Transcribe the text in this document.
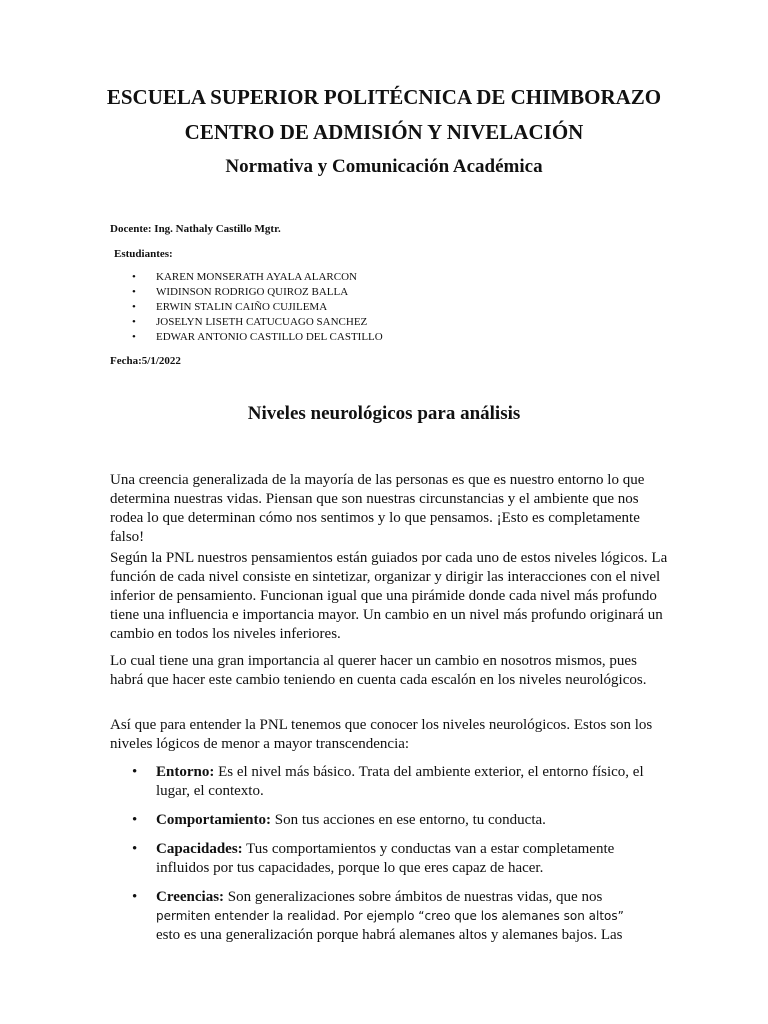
ESCUELA SUPERIOR POLITÉCNICA DE CHIMBORAZO
CENTRO DE ADMISIÓN Y NIVELACIÓN
Normativa y Comunicación Académica
Docente: Ing. Nathaly Castillo Mgtr.
Estudiantes:
• KAREN MONSERATH AYALA ALARCON
• WIDINSON RODRIGO QUIROZ BALLA
• ERWIN STALIN CAIÑO CUJILEMA
• JOSELYN LISETH CATUCUAGO SANCHEZ
• EDWAR ANTONIO CASTILLO DEL CASTILLO
Fecha:5/1/2022
Niveles neurológicos para análisis

Una creencia generalizada de la mayoría de las personas es que es nuestro entorno lo que determina nuestras vidas. Piensan que son nuestras circunstancias y el ambiente que nos rodea lo que determinan cómo nos sentimos y lo que pensamos. ¡Esto es completamente falso!

Según la PNL nuestros pensamientos están guiados por cada uno de estos niveles lógicos. La función de cada nivel consiste en sintetizar, organizar y dirigir las interacciones con el nivel inferior de pensamiento. Funcionan igual que una pirámide donde cada nivel más profundo tiene una influencia e importancia mayor. Un cambio en un nivel más profundo originará un cambio en todos los niveles inferiores.

Lo cual tiene una gran importancia al querer hacer un cambio en nosotros mismos, pues habrá que hacer este cambio teniendo en cuenta cada escalón en los niveles neurológicos.

Así que para entender la PNL tenemos que conocer los niveles neurológicos. Estos son los niveles lógicos de menor a mayor transcendencia:

• Entorno: Es el nivel más básico. Trata del ambiente exterior, el entorno físico, el lugar, el contexto.
• Comportamiento: Son tus acciones en ese entorno, tu conducta.
• Capacidades: Tus comportamientos y conductas van a estar completamente influidos por tus capacidades, porque lo que eres capaz de hacer.
• Creencias: Son generalizaciones sobre ámbitos de nuestras vidas, que nos
permiten entender la realidad. Por ejemplo “creo que los alemanes son altos”
esto es una generalización porque habrá alemanes altos y alemanes bajos. Las
